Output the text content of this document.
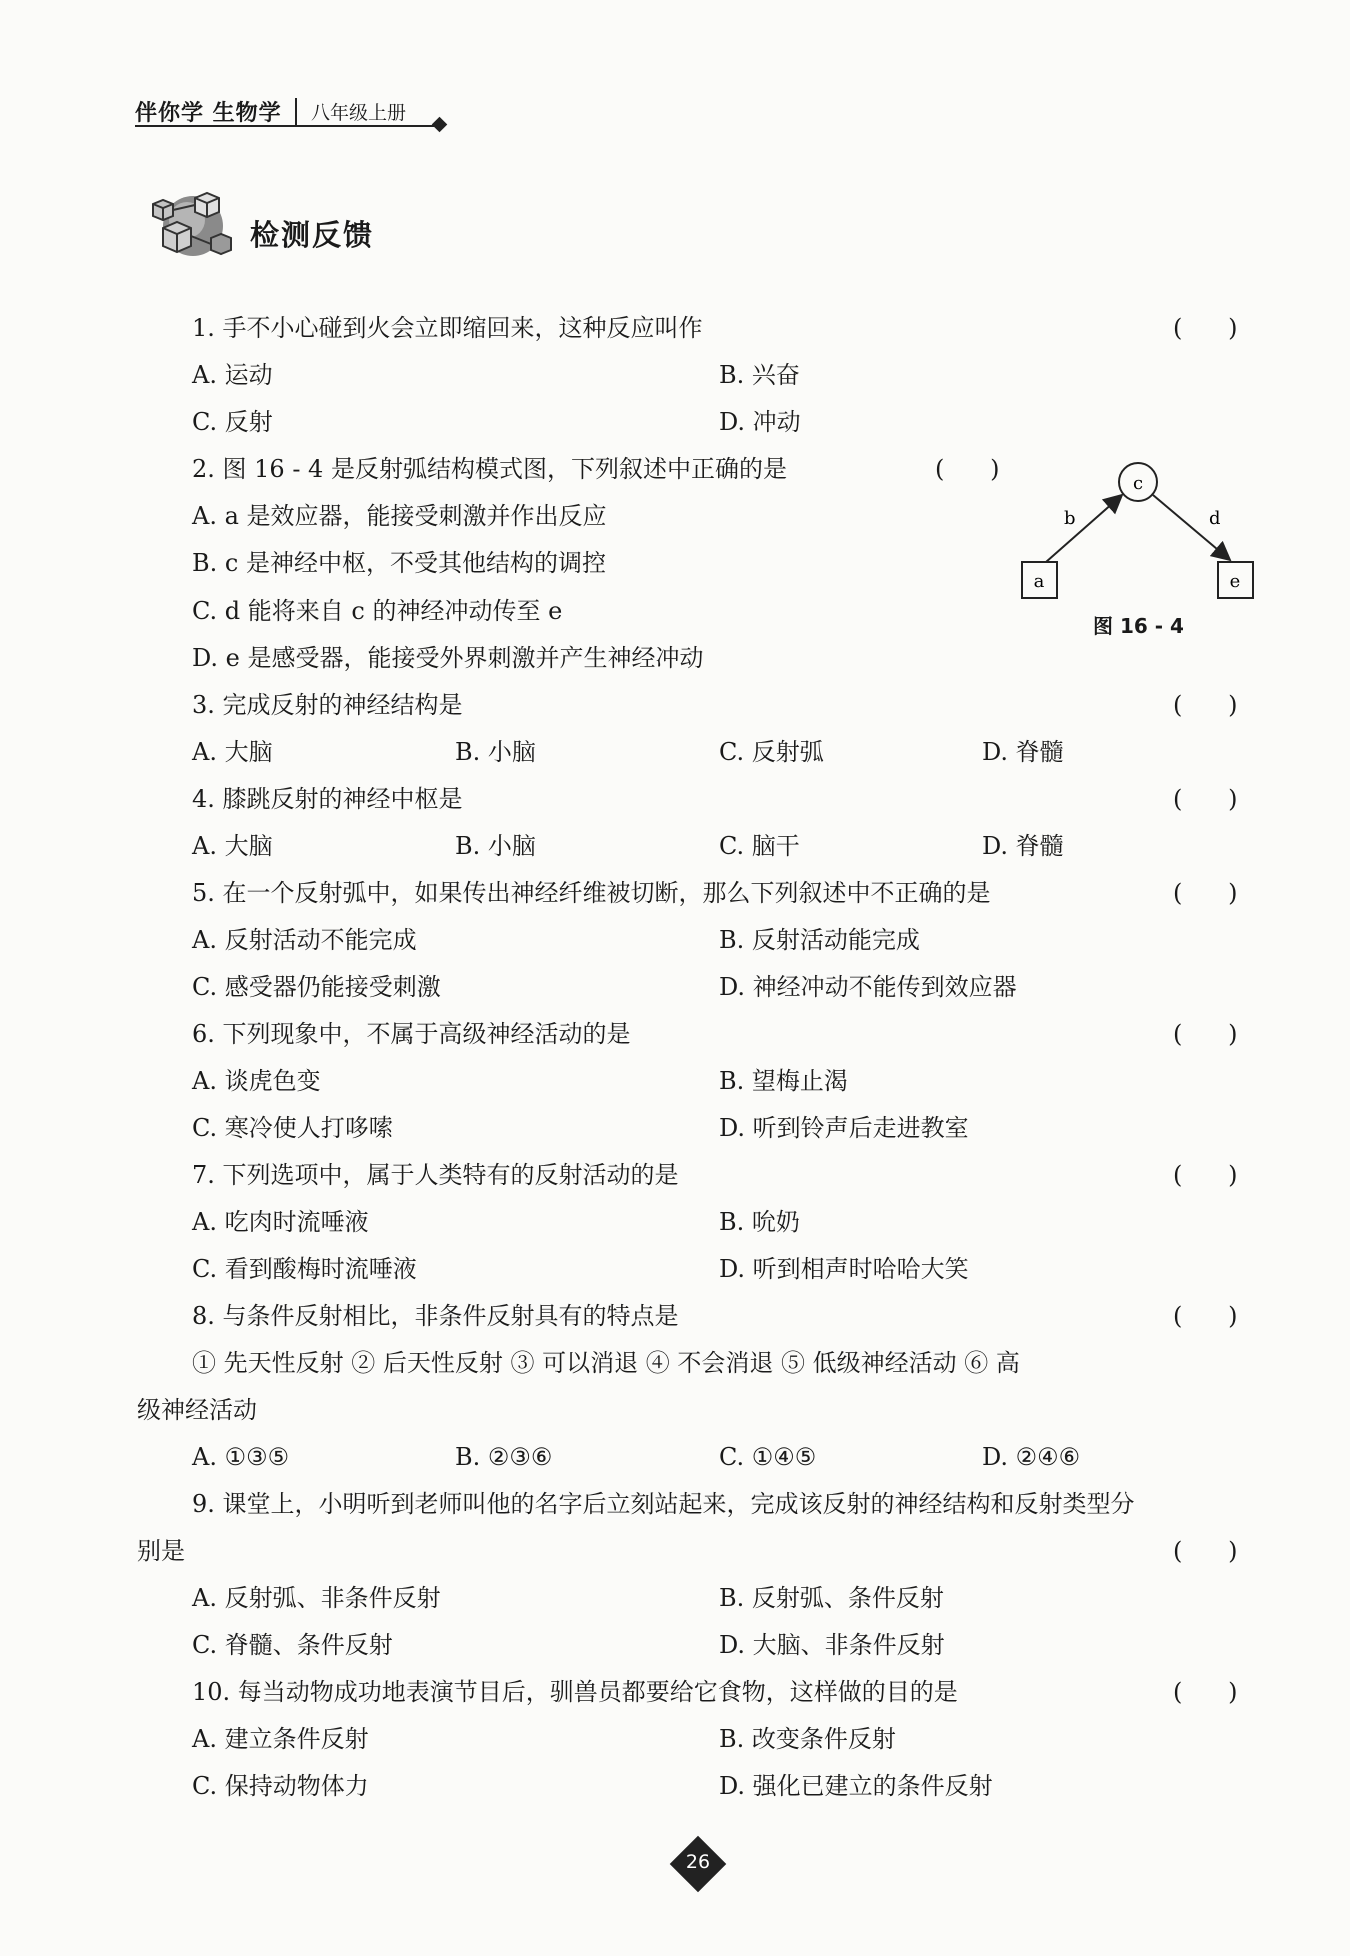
伴你学 生物学	八年级上册
检测反馈
1. 手不小心碰到火会立即缩回来，这种反应叫作	(      )
A. 运动	B. 兴奋
C. 反射	D. 冲动
2. 图 16 - 4 是反射弧结构模式图，下列叙述中正确的是	(      )
A. a 是效应器，能接受刺激并作出反应
B. c 是神经中枢，不受其他结构的调控
C. d 能将来自 c 的神经冲动传至 e
D. e 是感受器，能接受外界刺激并产生神经冲动
c
a	e
b	d
图 16 - 4
3. 完成反射的神经结构是	(      )
A. 大脑	B. 小脑	C. 反射弧	D. 脊髓
4. 膝跳反射的神经中枢是	(      )
A. 大脑	B. 小脑	C. 脑干	D. 脊髓
5. 在一个反射弧中，如果传出神经纤维被切断，那么下列叙述中不正确的是	(      )
A. 反射活动不能完成	B. 反射活动能完成
C. 感受器仍能接受刺激	D. 神经冲动不能传到效应器
6. 下列现象中，不属于高级神经活动的是	(      )
A. 谈虎色变	B. 望梅止渴
C. 寒冷使人打哆嗦	D. 听到铃声后走进教室
7. 下列选项中，属于人类特有的反射活动的是	(      )
A. 吃肉时流唾液	B. 吮奶
C. 看到酸梅时流唾液	D. 听到相声时哈哈大笑
8. 与条件反射相比，非条件反射具有的特点是	(      )
① 先天性反射 ② 后天性反射 ③ 可以消退 ④ 不会消退 ⑤ 低级神经活动 ⑥ 高
级神经活动
A. ①③⑤	B. ②③⑥	C. ①④⑤	D. ②④⑥
9. 课堂上，小明听到老师叫他的名字后立刻站起来，完成该反射的神经结构和反射类型分
别是	(      )
A. 反射弧、非条件反射	B. 反射弧、条件反射
C. 脊髓、条件反射	D. 大脑、非条件反射
10. 每当动物成功地表演节目后，驯兽员都要给它食物，这样做的目的是	(      )
A. 建立条件反射	B. 改变条件反射
C. 保持动物体力	D. 强化已建立的条件反射
26
